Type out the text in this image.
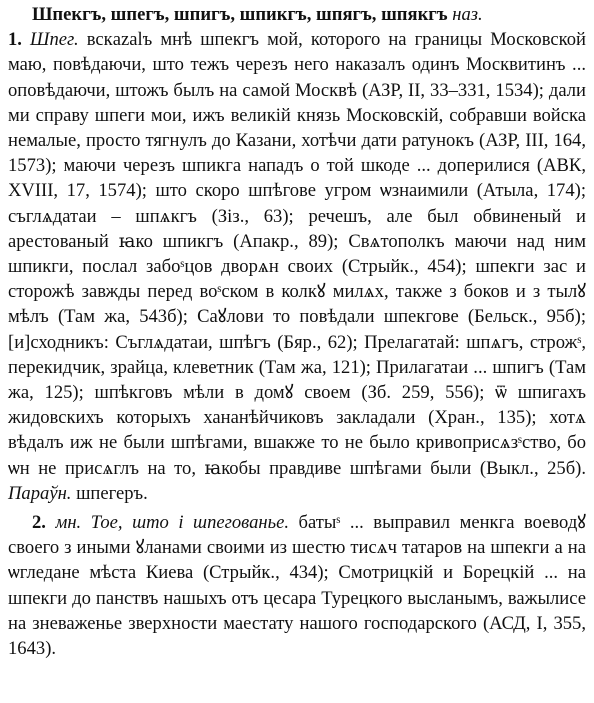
Шпекгъ, шпегъ, шпигъ, шпикгъ, шпягъ, шпякгъ наз.
1. Шпег. вскazalъ мнѣ шпекгъ мой, которого на границы Московской маю, повѣдаючи, што тежъ черезъ него наказалъ одинъ Москвитинъ ... оповѣдаючи, штожъ былъ на самой Москвѣ (АЗР, II, 33–331, 1534); дали ми справу шпеги мои, ижъ великій князь Московскій, собравши войска немалые, просто тягнулъ до Казани, хотѣчи дати ратунокъ (АЗР, III, 164, 1573); маючи черезъ шпикга нападъ о той шкоде ... доперилися (АВК, XVIII, 17, 1574); што скоро шпѣгове угром ѡзнаимили (Атыла, 174); съглѧдатаи – шпѧкгъ (Зіз., 63); речешъ, але был обвиненый и арестованый ꙗко шпикгъ (Апакр., 89); Свѧтополкъ маючи над ним шпикги, послал забоˢцов дворѧн своих (Стрыйк., 454); шпекги зас и сторожѣ завжды перед воˢском в колкꙋ милѧх, также з боков и з тылꙋ мѣлъ (Там жа, 543б); Саꙋлови то повѣдали шпекгове (Бельск., 95б); [и]сходникъ: Съглѧдатаи, шпѣгъ (Бяр., 62); Прелагатай: шпѧгъ, строжˢ, перекидчик, зрайца, клеветник (Там жа, 121); Прилагатаи ... шпигъ (Там жа, 125); шпѣкговъ мѣли в домꙋ своем (Зб. 259, 556); ѿ шпигахъ жидовскихъ которыхъ хананѣйчиковъ закладали (Хран., 135); хотѧ вѣдалъ иж не были шпѣгами, вшакже то не было кривоприсѧзˢство, бо ѡн не присѧглъ на то, ꙗкобы правдиве шпѣгами были (Выкл., 25б). Параўн. шпегеръ.

2. мн. Тое, што і шпегованьe. батыˢ ... выправил менкга воеводꙋ своего з иными ꙋланами своими из шестю тисѧч татаров на шпекги а на ѡгледане мѣста Киева (Стрыйк., 434); Смотрицкій и Борецкій ... на шпекги до панствъ нашыхъ отъ цесара Турецкого высланымъ, важылисе на зневаженье зверхности маестату нашого господарского (АСД, I, 355, 1643).
